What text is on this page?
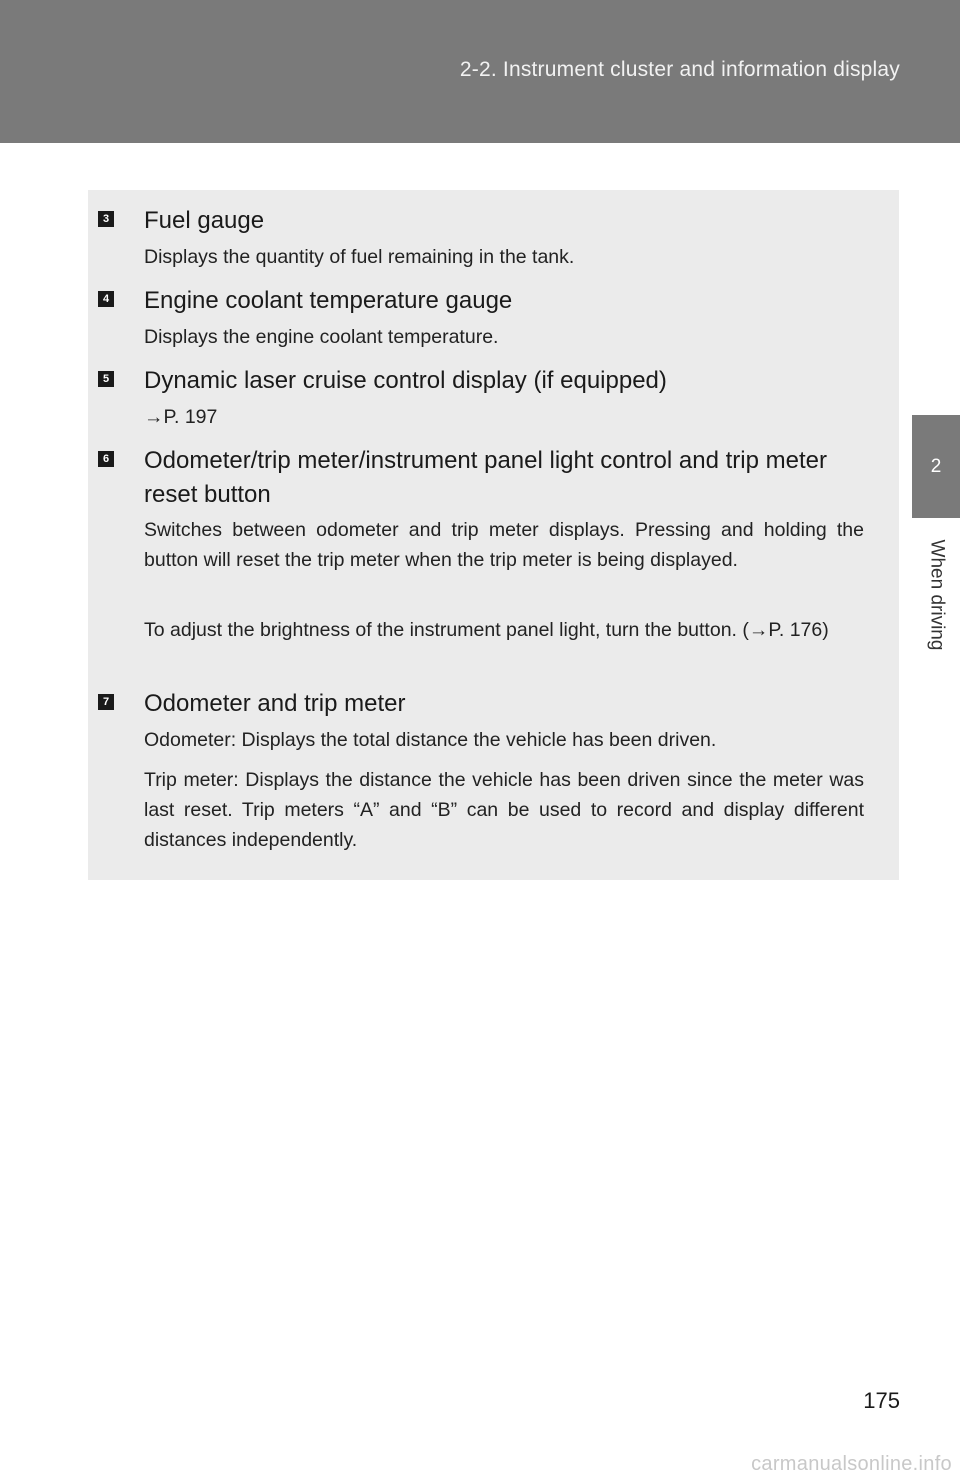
2-2. Instrument cluster and information display
2
When driving
3 Fuel gauge
Displays the quantity of fuel remaining in the tank.
4 Engine coolant temperature gauge
Displays the engine coolant temperature.
5 Dynamic laser cruise control display (if equipped)
→P. 197
6 Odometer/trip meter/instrument panel light control and trip meter reset button
Switches between odometer and trip meter displays. Pressing and holding the button will reset the trip meter when the trip meter is being displayed.
To adjust the brightness of the instrument panel light, turn the button. (→P. 176)
7 Odometer and trip meter
Odometer: Displays the total distance the vehicle has been driven.
Trip meter: Displays the distance the vehicle has been driven since the meter was last reset. Trip meters “A” and “B” can be used to record and display different distances independently.
175
carmanualsonline.info
